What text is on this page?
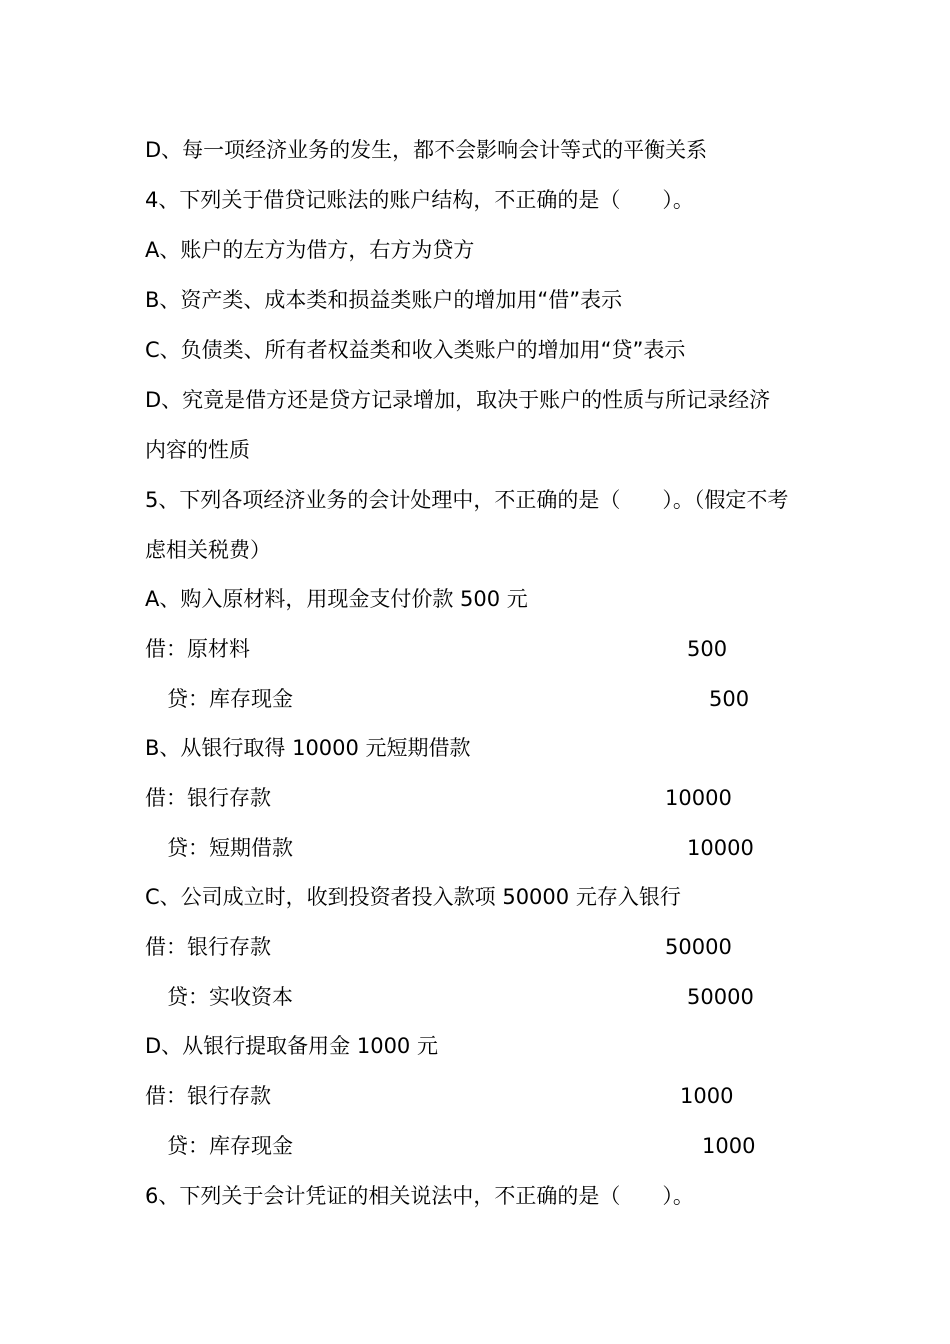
D、每一项经济业务的发生，都不会影响会计等式的平衡关系
4、下列关于借贷记账法的账户结构，不正确的是（　　）。
A、账户的左方为借方，右方为贷方
B、资产类、成本类和损益类账户的增加用“借”表示
C、负债类、所有者权益类和收入类账户的增加用“贷”表示
D、究竟是借方还是贷方记录增加，取决于账户的性质与所记录经济
内容的性质
5、下列各项经济业务的会计处理中，不正确的是（　　）。（假定不考
虑相关税费）
A、购入原材料，用现金支付价款 500 元
借：原材料	500
贷：库存现金	500
B、从银行取得 10000 元短期借款
借：银行存款	10000
贷：短期借款	10000
C、公司成立时，收到投资者投入款项 50000 元存入银行
借：银行存款	50000
贷：实收资本	50000
D、从银行提取备用金 1000 元
借：银行存款	1000
贷：库存现金	1000
6、下列关于会计凭证的相关说法中，不正确的是（　　）。
